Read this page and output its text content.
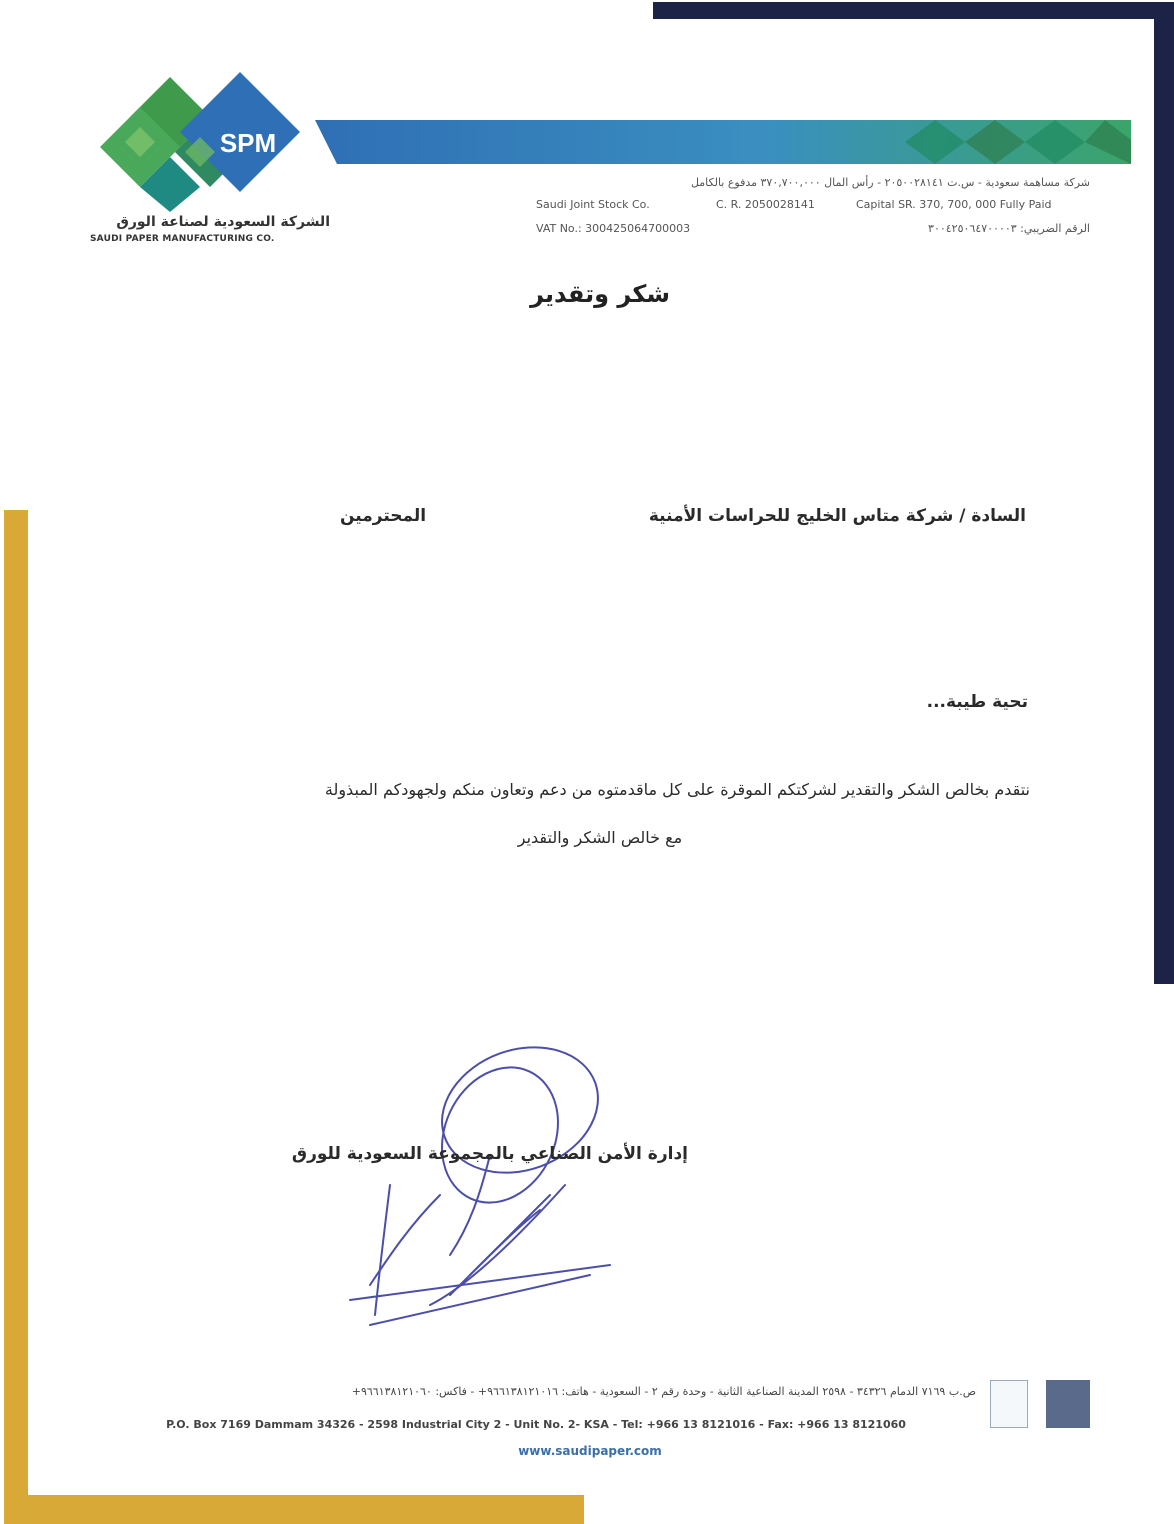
SPM
الشركة السعودية لصناعة الورق
SAUDI PAPER MANUFACTURING CO.
شركة مساهمة سعودية - س.ت ٢٠٥٠٠٢٨١٤١ - رأس المال ٣٧٠,٧٠٠,٠٠٠ مدفوع بالكامل
Saudi Joint Stock Co.	C. R. 2050028141	Capital SR. 370, 700, 000 Fully Paid
VAT No.: 300425064700003	الرقم الضريبي: ٣٠٠٤٢٥٠٦٤٧٠٠٠٠٣
شكر وتقدير
السادة / شركة متاس الخليج للحراسات الأمنية
المحترمين
تحية طيبة...
نتقدم بخالص الشكر والتقدير لشركتكم الموقرة على كل ماقدمتوه من دعم وتعاون منكم ولجهودكم المبذولة
مع خالص الشكر والتقدير
إدارة الأمن الصناعي بالمجموعة السعودية للورق
ص.ب ٧١٦٩ الدمام ٣٤٣٢٦ - ٢٥٩٨ المدينة الصناعية الثانية - وحدة رقم ٢ - السعودية - هاتف: ٩٦٦١٣٨١٢١٠١٦+ - فاكس: ٩٦٦١٣٨١٢١٠٦٠+
P.O. Box 7169 Dammam 34326 - 2598 Industrial City 2 - Unit No. 2- KSA - Tel: +966 13 8121016 - Fax: +966 13 8121060
www.saudipaper.com
